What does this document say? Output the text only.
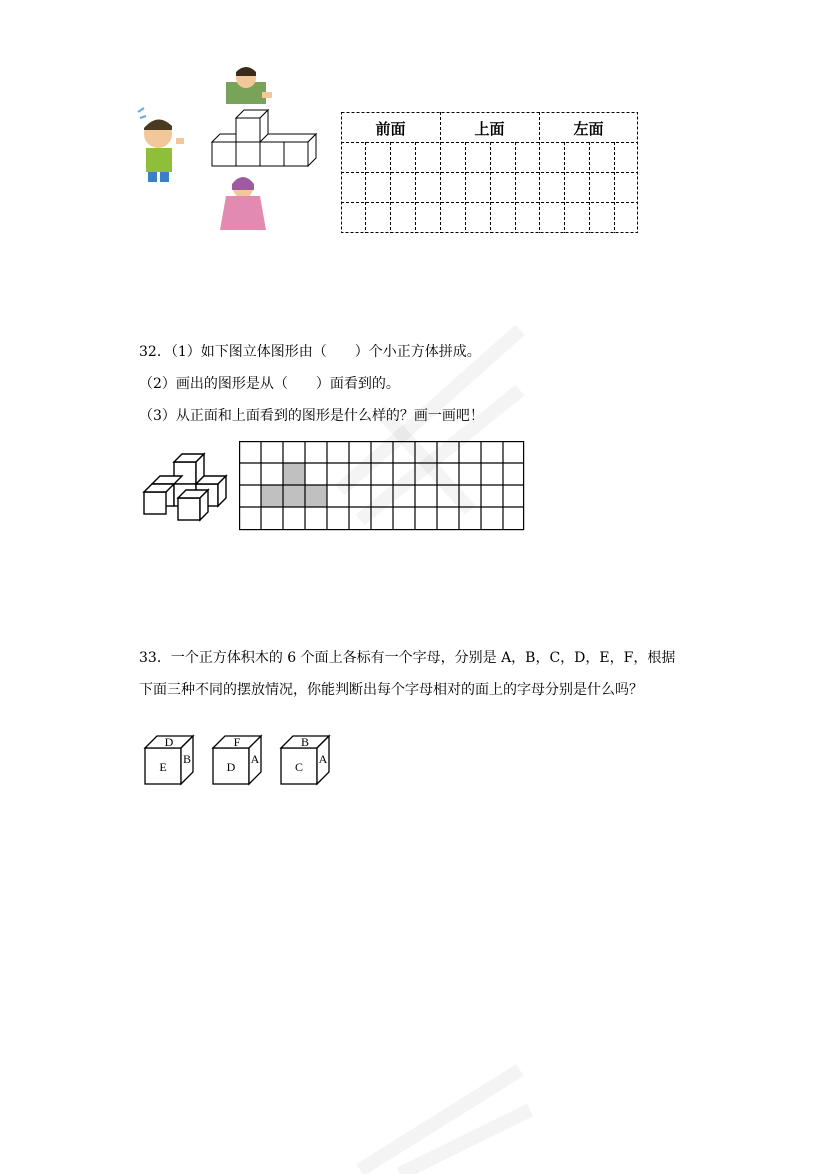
前面	上面	左面
32．（1）如下图立体图形由（　　）个小正方体拼成。
（2）画出的图形是从（　　）面看到的。
（3）从正面和上面看到的图形是什么样的？画一画吧！
33．一个正方体积木的 6 个面上各标有一个字母，分别是 A，B，C，D，E，F，根据
下面三种不同的摆放情况，你能判断出每个字母相对的面上的字母分别是什么吗？
E
D
B
D
F
A
C
B
A
